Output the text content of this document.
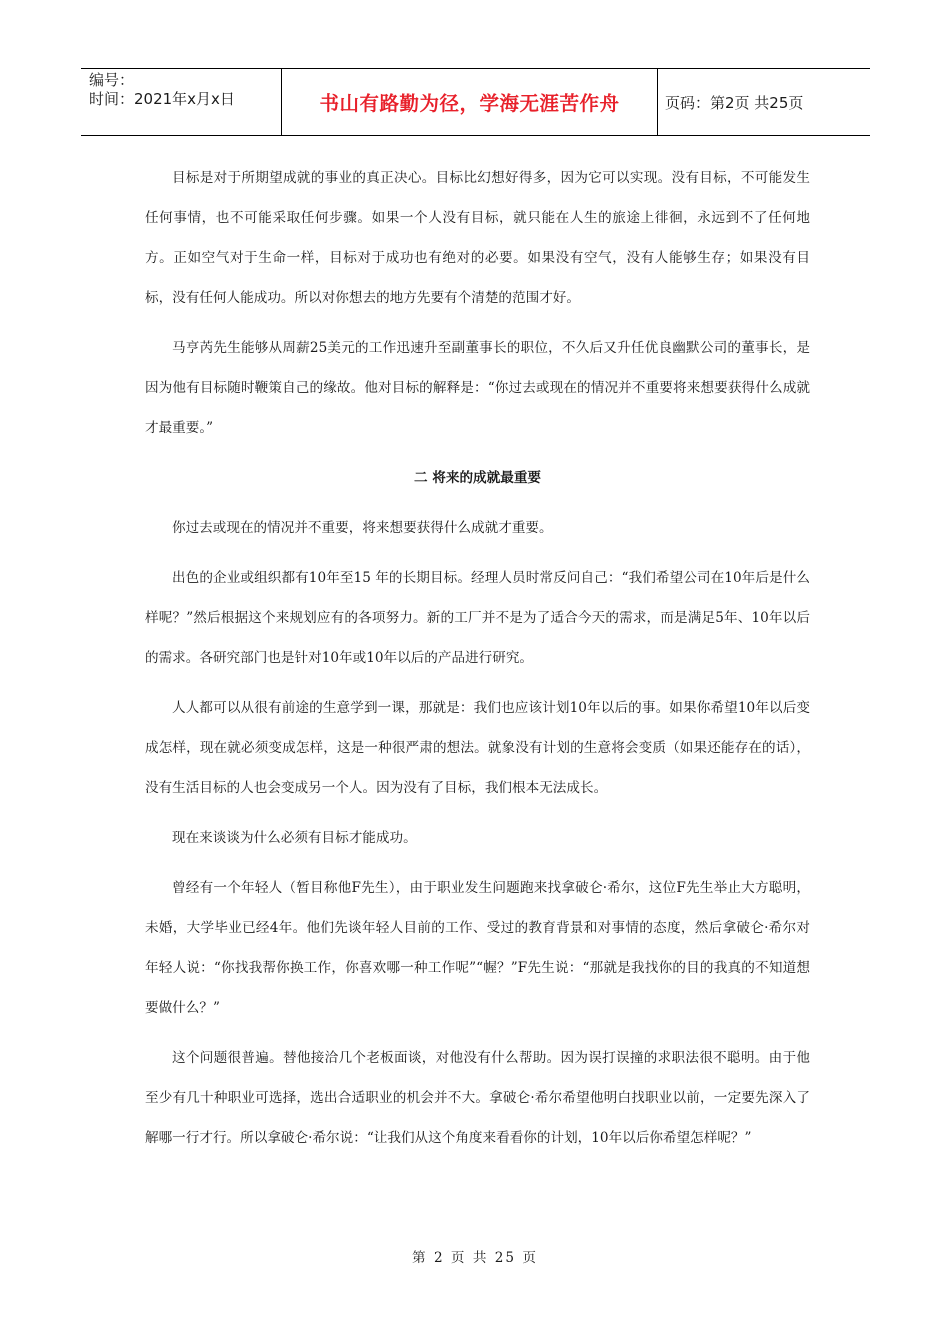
编号：
时间：2021年x月x日	书山有路勤为径，学海无涯苦作舟	页码：第2页 共25页

目标是对于所期望成就的事业的真正决心。目标比幻想好得多，因为它可以实现。没有目标，不可能发生任何事情，也不可能采取任何步骤。如果一个人没有目标，就只能在人生的旅途上徘徊，永远到不了任何地方。正如空气对于生命一样，目标对于成功也有绝对的必要。如果没有空气，没有人能够生存；如果没有目标，没有任何人能成功。所以对你想去的地方先要有个清楚的范围才好。

马亨芮先生能够从周薪25美元的工作迅速升至副董事长的职位，不久后又升任优良幽默公司的董事长，是因为他有目标随时鞭策自己的缘故。他对目标的解释是：“你过去或现在的情况并不重要将来想要获得什么成就才最重要。”

二 将来的成就最重要

你过去或现在的情况并不重要，将来想要获得什么成就才重要。

出色的企业或组织都有10年至15 年的长期目标。经理人员时常反问自己：“我们希望公司在10年后是什么样呢？”然后根据这个来规划应有的各项努力。新的工厂并不是为了适合今天的需求，而是满足5年、10年以后的需求。各研究部门也是针对10年或10年以后的产品进行研究。

人人都可以从很有前途的生意学到一课，那就是：我们也应该计划10年以后的事。如果你希望10年以后变成怎样，现在就必须变成怎样，这是一种很严肃的想法。就象没有计划的生意将会变质（如果还能存在的话），没有生活目标的人也会变成另一个人。因为没有了目标，我们根本无法成长。

现在来谈谈为什么必须有目标才能成功。

曾经有一个年轻人（暂目称他F先生），由于职业发生问题跑来找拿破仑·希尔，这位F先生举止大方聪明，未婚，大学毕业已经4年。他们先谈年轻人目前的工作、受过的教育背景和对事情的态度，然后拿破仑·希尔对年轻人说：“你找我帮你换工作，你喜欢哪一种工作呢”“幄？”F先生说：“那就是我找你的目的我真的不知道想要做什么？”

这个问题很普遍。替他接洽几个老板面谈，对他没有什么帮助。因为误打误撞的求职法很不聪明。由于他至少有几十种职业可选择，选出合适职业的机会并不大。拿破仑·希尔希望他明白找职业以前，一定要先深入了解哪一行才行。所以拿破仑·希尔说：“让我们从这个角度来看看你的计划，10年以后你希望怎样呢？”

第 2 页 共 25 页
